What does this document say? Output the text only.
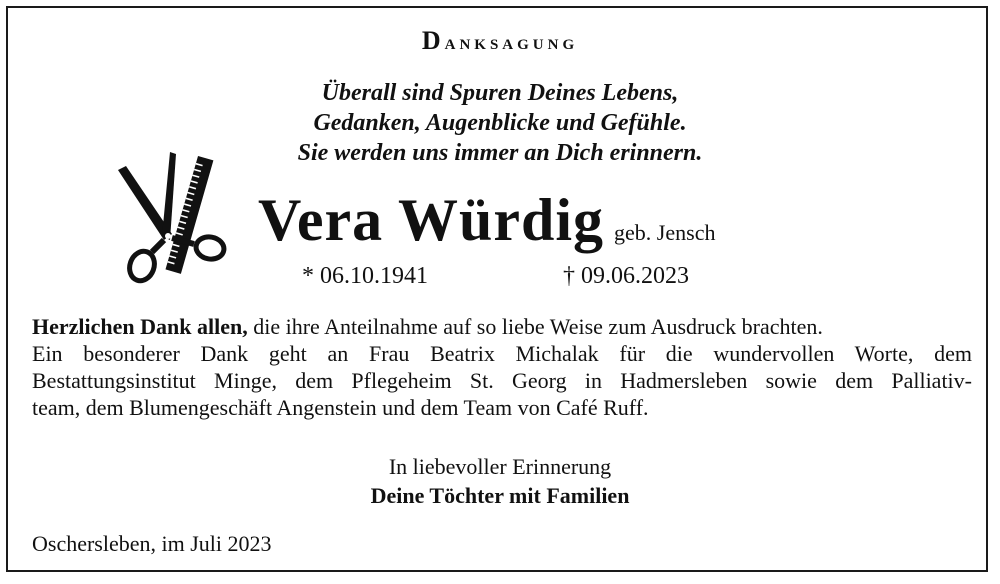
Danksagung
Überall sind Spuren Deines Lebens,
Gedanken, Augenblicke und Gefühle.
Sie werden uns immer an Dich erinnern.
Vera Würdig geb. Jensch
* 06.10.1941	† 09.06.2023
Herzlichen Dank allen, die ihre Anteilnahme auf so liebe Weise zum Ausdruck brachten.
Ein besonderer Dank geht an Frau Beatrix Michalak für die wundervollen Worte, dem
Bestattungsinstitut Minge, dem Pflegeheim St. Georg in Hadmersleben sowie dem Palliativ-
team, dem Blumengeschäft Angenstein und dem Team von Café Ruff.
In liebevoller Erinnerung
Deine Töchter mit Familien
Oschersleben, im Juli 2023
